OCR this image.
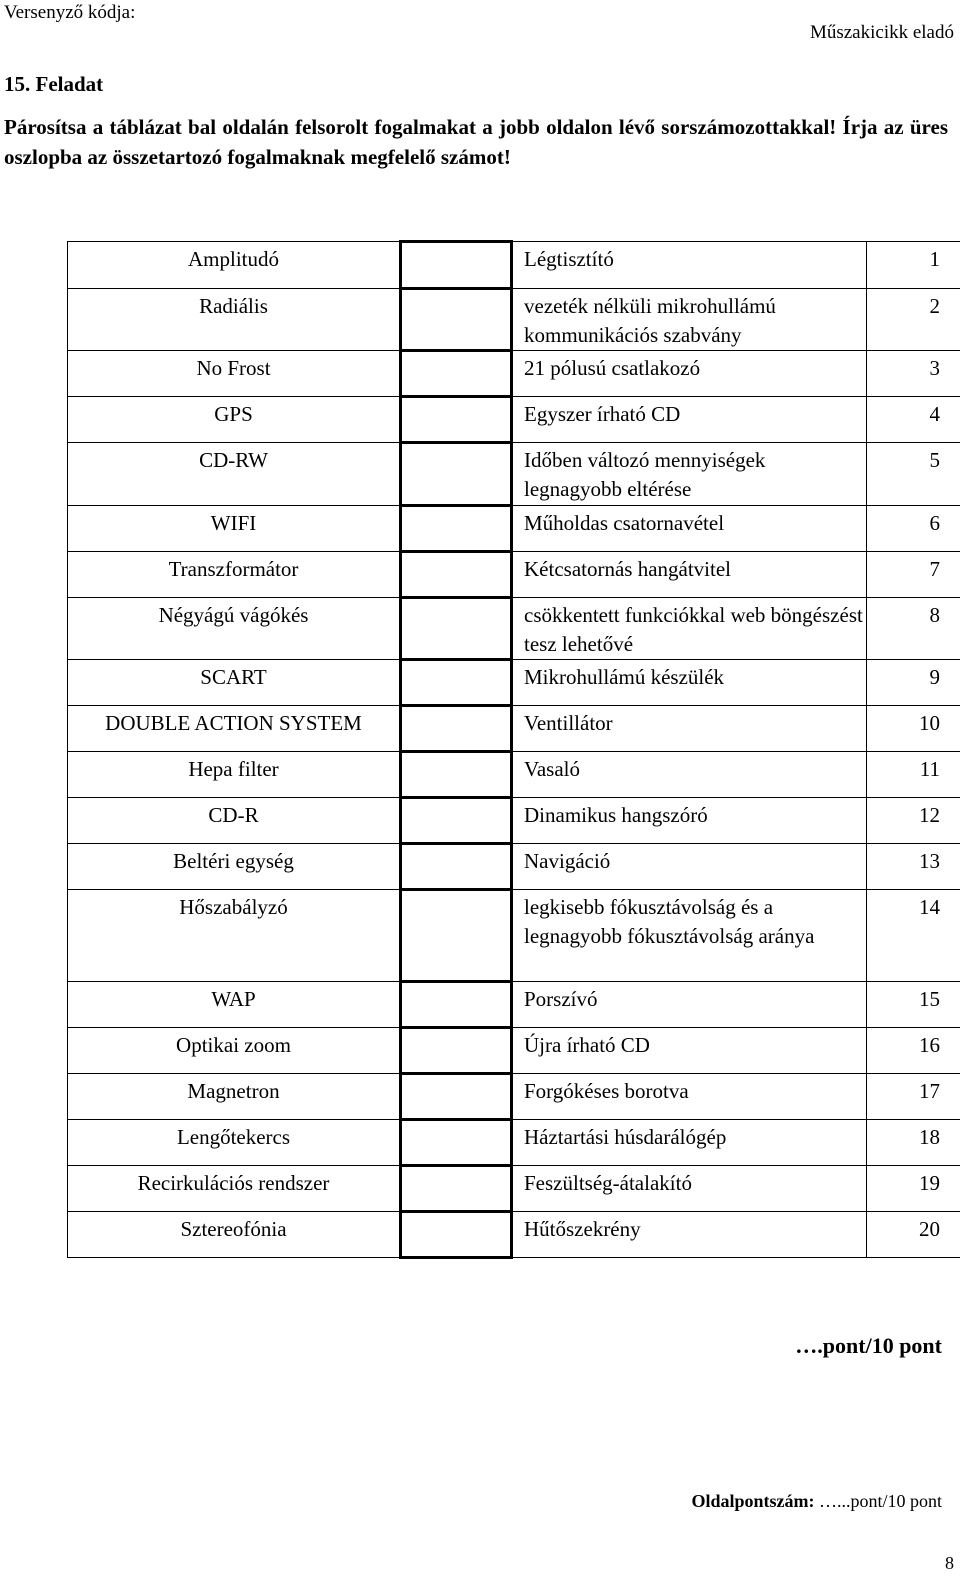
Versenyző kódja:
Műszakicikk eladó
15. Feladat
Párosítsa a táblázat bal oldalán felsorolt fogalmakat a jobb oldalon lévő sorszámozottakkal! Írja az üres oszlopba az összetartozó fogalmaknak megfelelő számot!
Amplitudó		Légtisztító	1
Radiális		vezeték nélküli mikrohullámú kommunikációs szabvány	2
No Frost		21 pólusú csatlakozó	3
GPS		Egyszer írható CD	4
CD-RW		Időben változó mennyiségek legnagyobb eltérése	5
WIFI		Műholdas csatornavétel	6
Transzformátor		Kétcsatornás hangátvitel	7
Négyágú vágókés		csökkentett funkciókkal web böngészést tesz lehetővé	8
SCART		Mikrohullámú készülék	9
DOUBLE ACTION SYSTEM		Ventillátor	10
Hepa filter		Vasaló	11
CD-R		Dinamikus hangszóró	12
Beltéri egység		Navigáció	13
Hőszabályzó		legkisebb fókusztávolság és a legnagyobb fókusztávolság aránya	14
WAP		Porszívó	15
Optikai zoom		Újra írható CD	16
Magnetron		Forgókéses borotva	17
Lengőtekercs		Háztartási húsdarálógép	18
Recirkulációs rendszer		Feszültség-átalakító	19
Sztereofónia		Hűtőszekrény	20
….pont/10 pont
Oldalpontszám: …...pont/10 pont
8
